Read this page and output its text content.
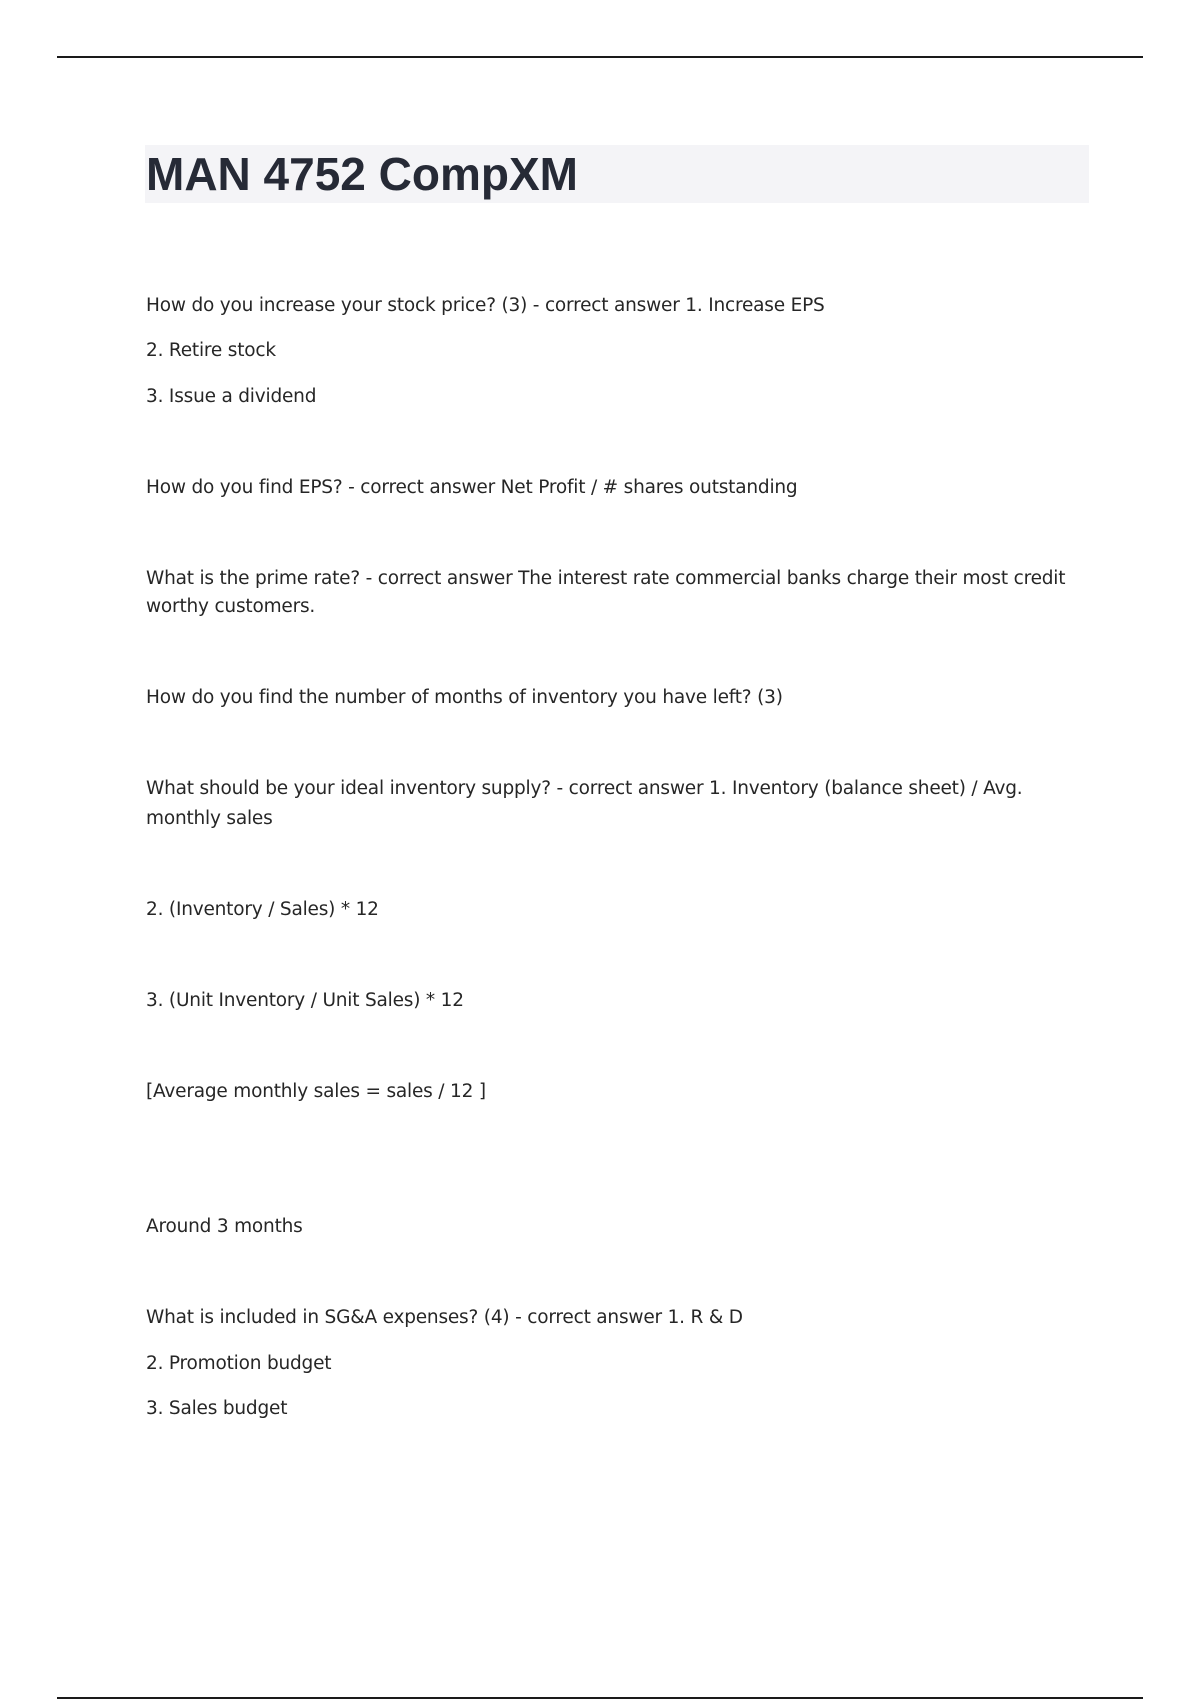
MAN 4752 CompXM

How do you increase your stock price? (3) - correct answer 1. Increase EPS

2. Retire stock

3. Issue a dividend

How do you find EPS? - correct answer Net Profit / # shares outstanding

What is the prime rate? - correct answer The interest rate commercial banks charge their most credit

worthy customers.

How do you find the number of months of inventory you have left? (3)

What should be your ideal inventory supply? - correct answer 1. Inventory (balance sheet) / Avg.

monthly sales

2. (Inventory / Sales) * 12

3. (Unit Inventory / Unit Sales) * 12

[Average monthly sales = sales / 12 ]

Around 3 months

What is included in SG&A expenses? (4) - correct answer 1. R & D

2. Promotion budget

3. Sales budget
